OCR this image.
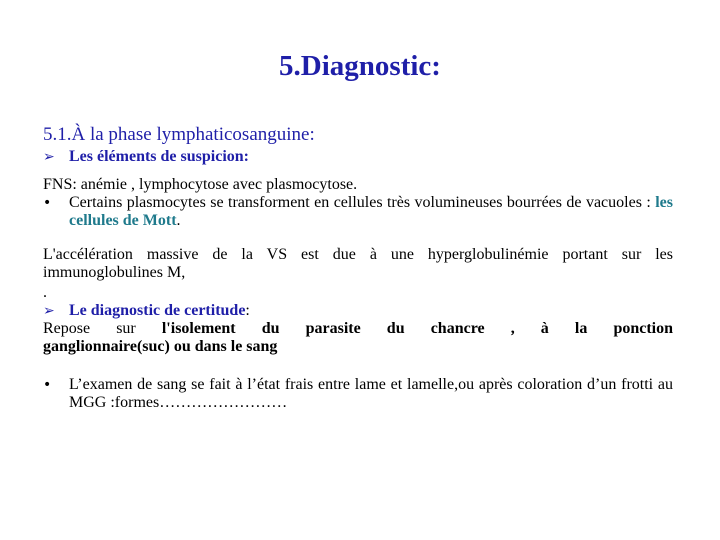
5.Diagnostic:

5.1.À la phase lymphaticosanguine:

➢ Les éléments de suspicion:

FNS: anémie , lymphocytose avec plasmocytose.

•	Certains plasmocytes se transforment en cellules très volumineuses bourrées de vacuoles : les cellules de Mott.

L'accélération massive de la VS est due à une hyperglobulinémie portant sur les immunoglobulines M,

.

➢ Le diagnostic de certitude:

Repose sur l'isolement du parasite du chancre , à la ponction

ganglionnaire(suc) ou dans le sang

•	L’examen de sang se fait à l’état frais entre lame et lamelle,ou après coloration d’un frotti au MGG :formes……………………
